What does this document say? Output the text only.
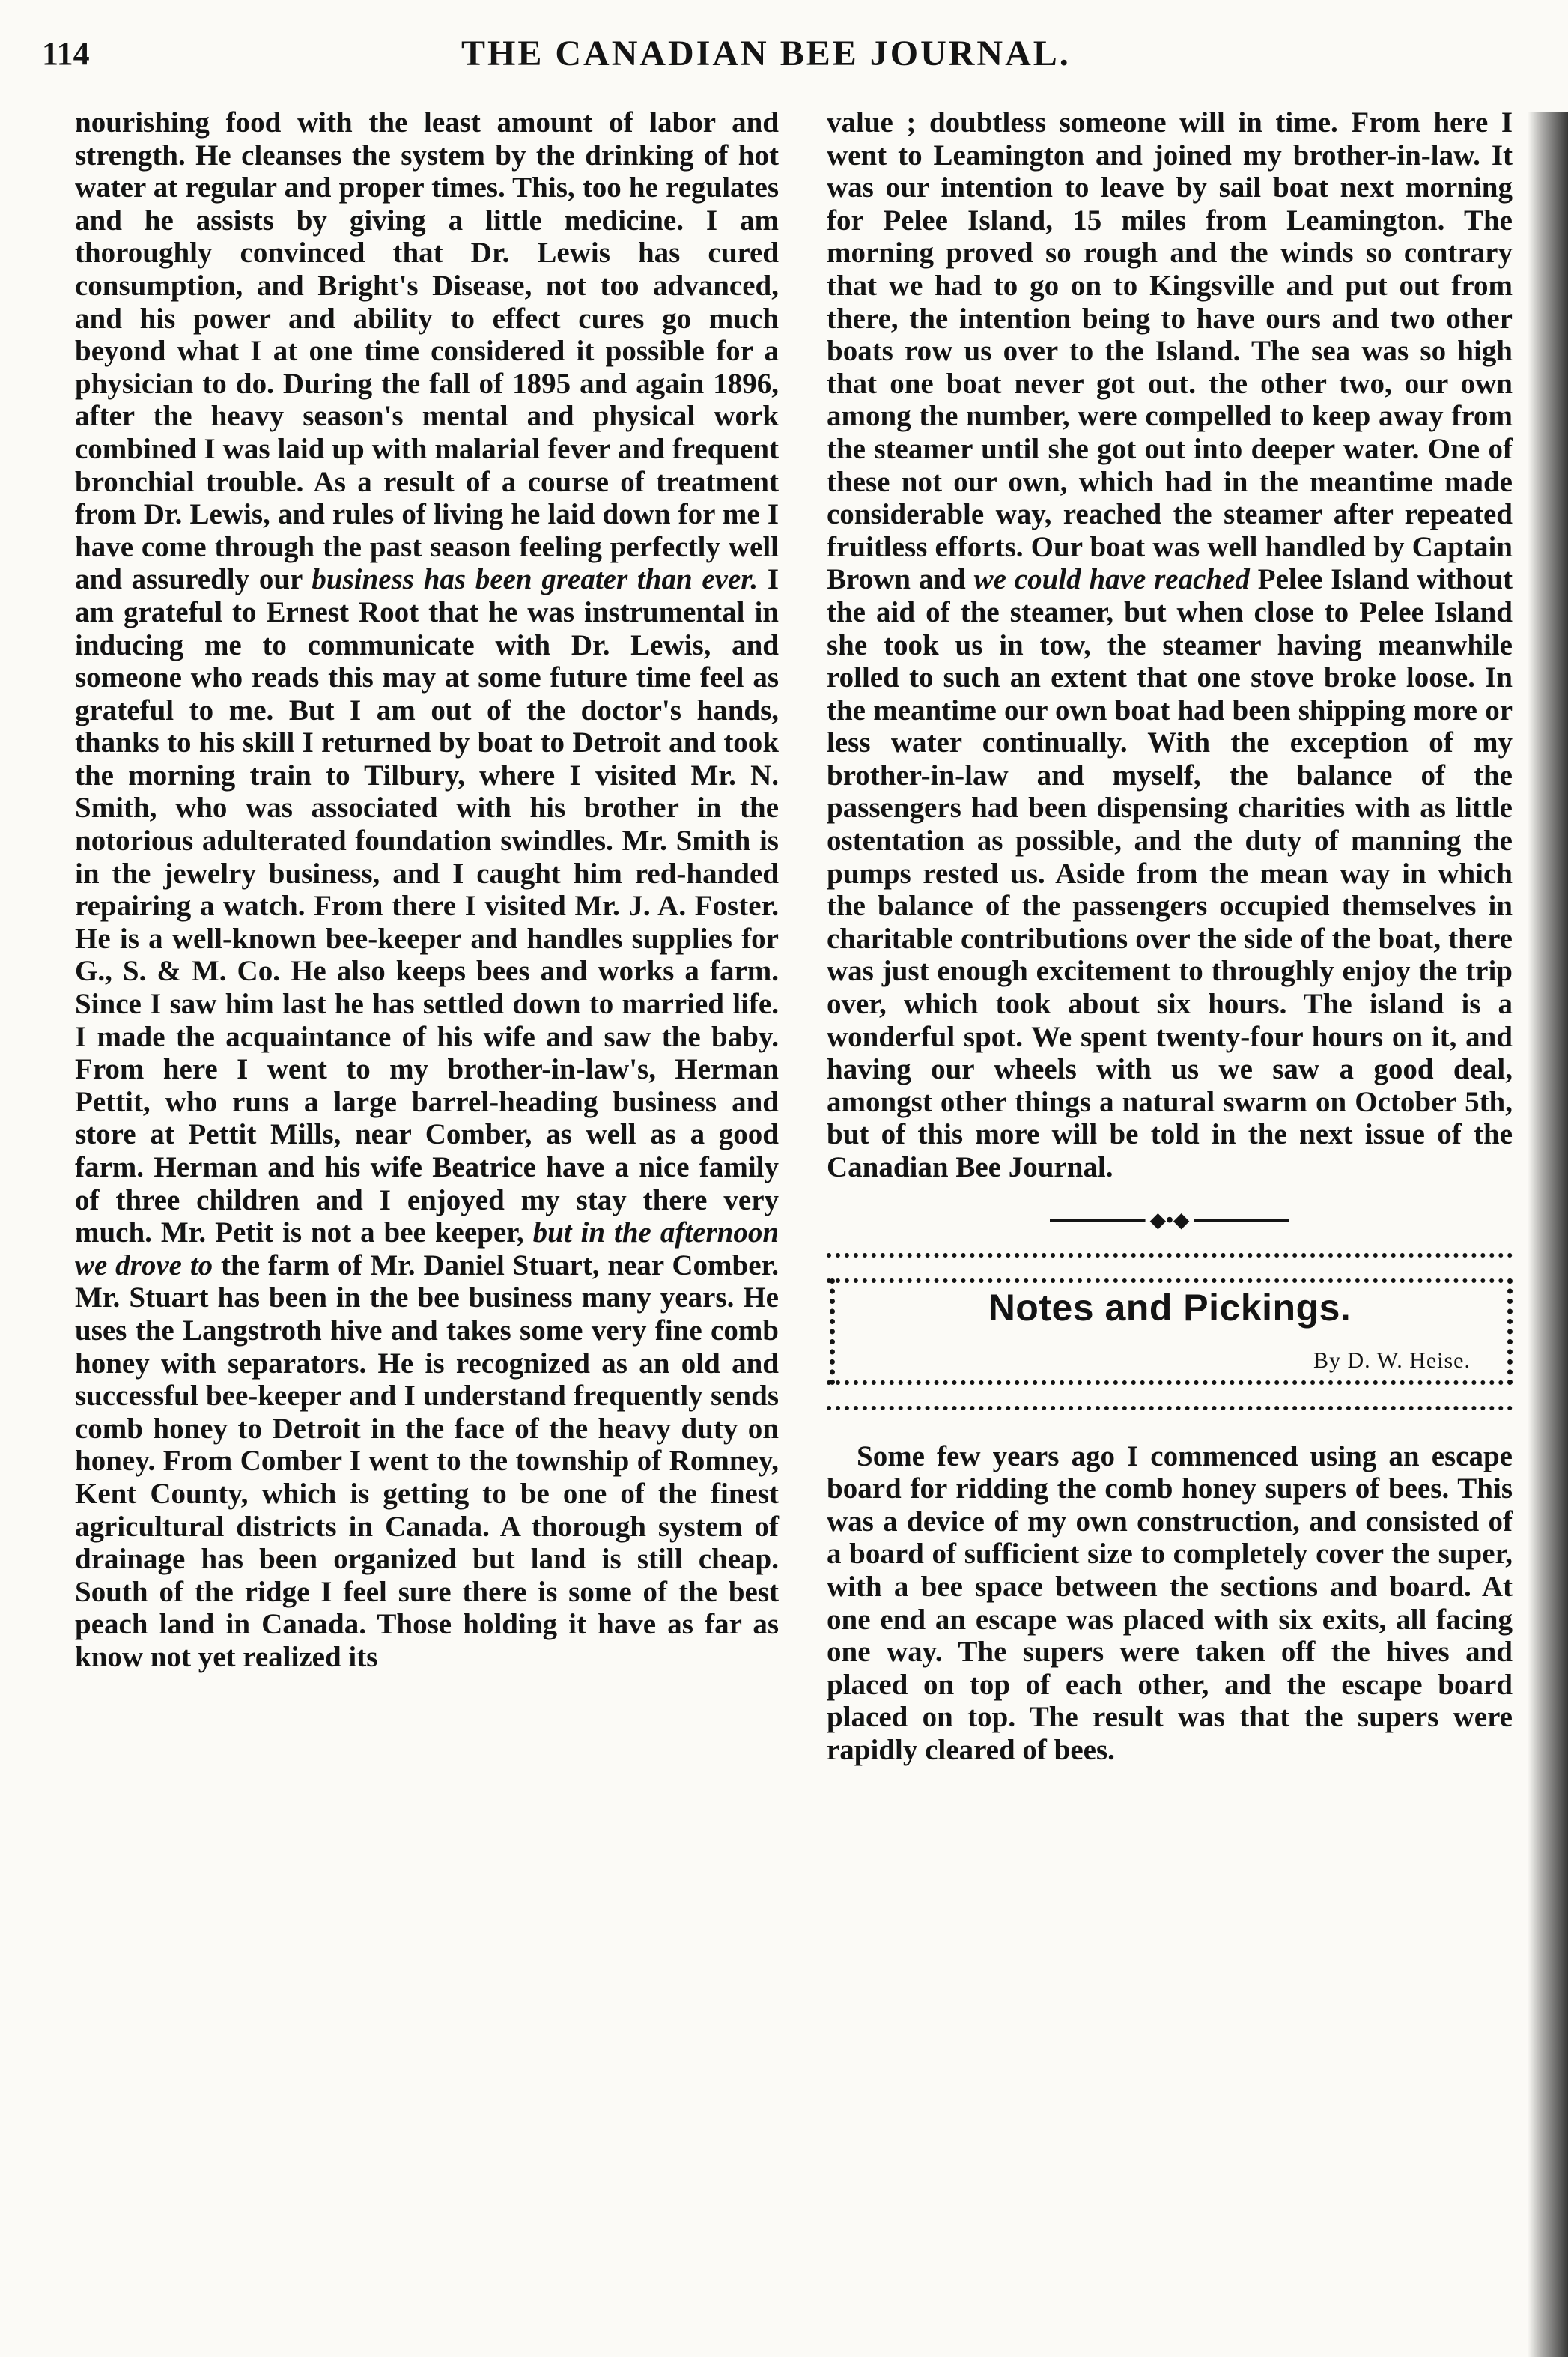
114	THE CANADIAN BEE JOURNAL.

nourishing food with the least amount of labor and strength. He cleanses the system by the drinking of hot water at regular and proper times. This, too he regulates and he assists by giving a little medicine. I am thoroughly convinced that Dr. Lewis has cured consumption, and Bright's Disease, not too advanced, and his power and ability to effect cures go much beyond what I at one time considered it possible for a physician to do. During the fall of 1895 and again 1896, after the heavy season's mental and physical work combined I was laid up with malarial fever and frequent bronchial trouble. As a result of a course of treatment from Dr. Lewis, and rules of living he laid down for me I have come through the past season feeling perfectly well and assuredly our business has been greater than ever. I am grateful to Ernest Root that he was instrumental in inducing me to communicate with Dr. Lewis, and someone who reads this may at some future time feel as grateful to me. But I am out of the doctor's hands, thanks to his skill I returned by boat to Detroit and took the morning train to Tilbury, where I visited Mr. N. Smith, who was associated with his brother in the notorious adulterated foundation swindles. Mr. Smith is in the jewelry business, and I caught him red-handed repairing a watch. From there I visited Mr. J. A. Foster. He is a well-known bee-keeper and handles supplies for G., S. & M. Co. He also keeps bees and works a farm. Since I saw him last he has settled down to married life. I made the acquaintance of his wife and saw the baby. From here I went to my brother-in-law's, Herman Pettit, who runs a large barrel-heading business and store at Pettit Mills, near Comber, as well as a good farm. Herman and his wife Beatrice have a nice family of three children and I enjoyed my stay there very much. Mr. Petit is not a bee keeper, but in the afternoon we drove to the farm of Mr. Daniel Stuart, near Comber. Mr. Stuart has been in the bee business many years. He uses the Langstroth hive and takes some very fine comb honey with separators. He is recognized as an old and successful bee-keeper and I understand frequently sends comb honey to Detroit in the face of the heavy duty on honey. From Comber I went to the township of Romney, Kent County, which is getting to be one of the finest agricultural districts in Canada. A thorough system of drainage has been organized but land is still cheap. South of the ridge I feel sure there is some of the best peach land in Canada. Those holding it have as far as know not yet realized its

value ; doubtless someone will in time. From here I went to Leamington and joined my brother-in-law. It was our intention to leave by sail boat next morning for Pelee Island, 15 miles from Leamington. The morning proved so rough and the winds so contrary that we had to go on to Kingsville and put out from there, the intention being to have ours and two other boats row us over to the Island. The sea was so high that one boat never got out. the other two, our own among the number, were compelled to keep away from the steamer until she got out into deeper water. One of these not our own, which had in the meantime made considerable way, reached the steamer after repeated fruitless efforts. Our boat was well handled by Captain Brown and we could have reached Pelee Island without the aid of the steamer, but when close to Pelee Island she took us in tow, the steamer having meanwhile rolled to such an extent that one stove broke loose. In the meantime our own boat had been shipping more or less water continually. With the exception of my brother-in-law and myself, the balance of the passengers had been dispensing charities with as little ostentation as possible, and the duty of manning the pumps rested us. Aside from the mean way in which the balance of the passengers occupied themselves in charitable contributions over the side of the boat, there was just enough excitement to throughly enjoy the trip over, which took about six hours. The island is a wonderful spot. We spent twenty-four hours on it, and having our wheels with us we saw a good deal, amongst other things a natural swarm on October 5th, but of this more will be told in the next issue of the Canadian Bee Journal.

◆•◆
Notes and Pickings.
By D. W. Heise.

Some few years ago I commenced using an escape board for ridding the comb honey supers of bees. This was a device of my own construction, and consisted of a board of sufficient size to completely cover the super, with a bee space between the sections and board. At one end an escape was placed with six exits, all facing one way. The supers were taken off the hives and placed on top of each other, and the escape board placed on top. The result was that the supers were rapidly cleared of bees.
